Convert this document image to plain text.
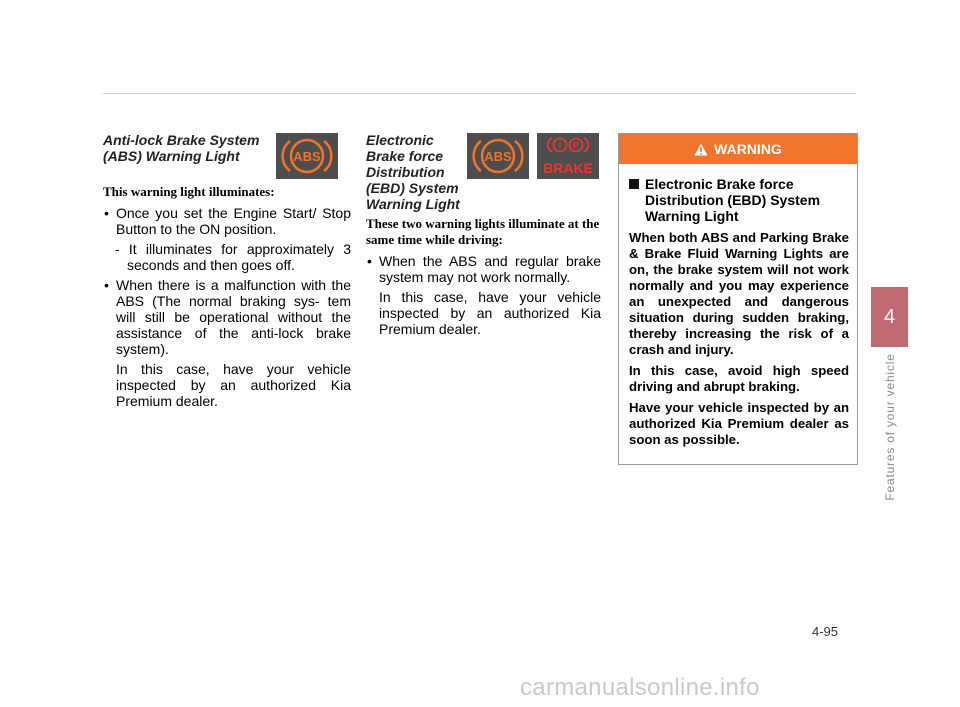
4
Features of your vehicle
Anti-lock Brake System
(ABS) Warning Light

This warning light illuminates:

• Once you set the Engine Start/ Stop Button to the ON position.
- It illuminates for approximately 3 seconds and then goes off.
• When there is a malfunction with the ABS (The normal braking sys- tem will still be operational without the assistance of the anti-lock brake system).

In this case, have your vehicle inspected by an authorized Kia Premium dealer.

ABS
Electronic
Brake force
Distribution
(EBD) System
Warning Light

These two warning lights illuminate at the same time while driving:

• When the ABS and regular brake system may not work normally.

In this case, have your vehicle inspected by an authorized Kia Premium dealer.

ABS
! P
BRAKE
WARNING
Electronic Brake force Distribution (EBD) System Warning Light

When both ABS and Parking Brake & Brake Fluid Warning Lights are on, the brake system will not work normally and you may experience an unexpected and dangerous situation during sudden braking, thereby increasing the risk of a crash and injury.

In this case, avoid high speed driving and abrupt braking.

Have your vehicle inspected by an authorized Kia Premium dealer as soon as possible.

4-95
carmanualsonline.info
